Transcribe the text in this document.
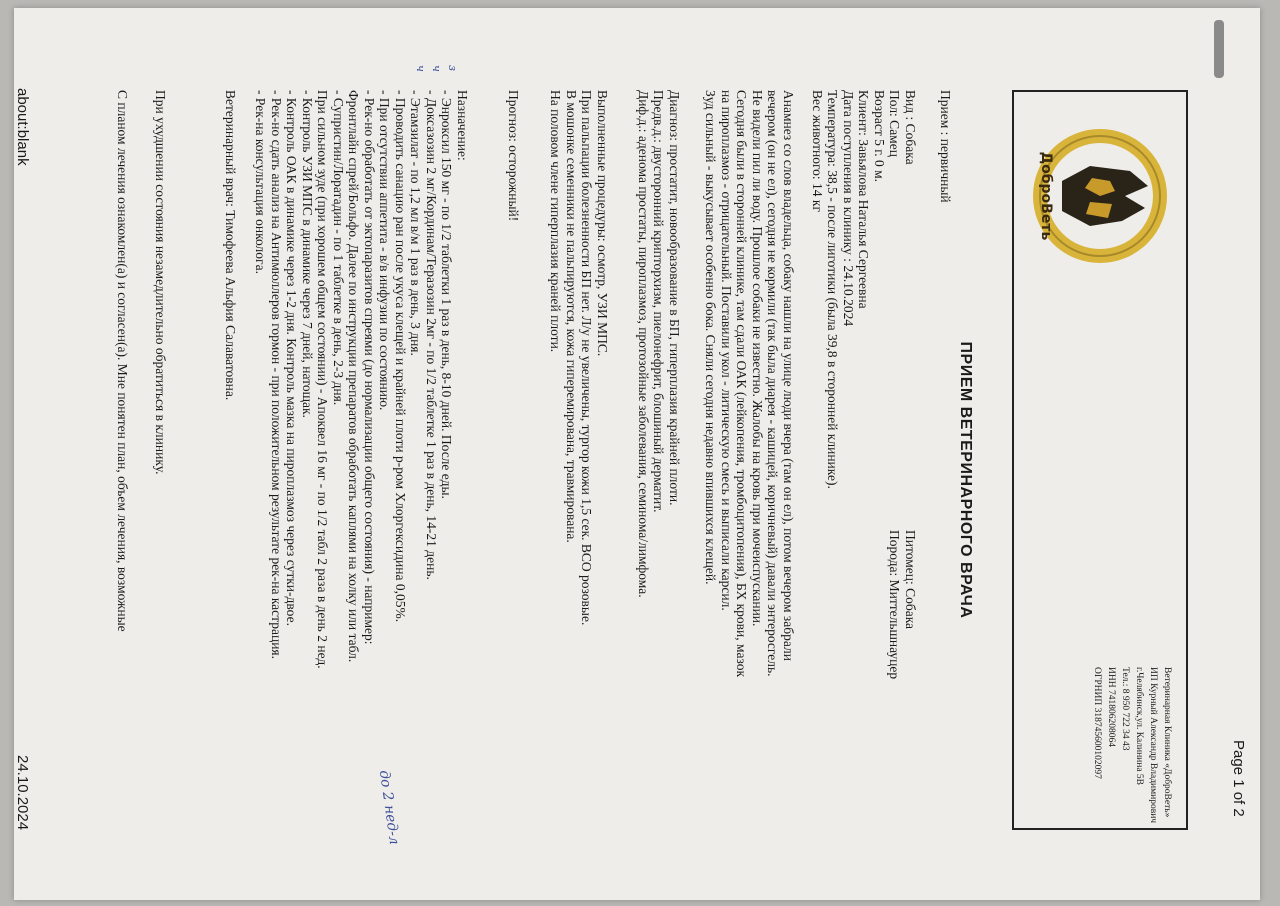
Page 1 of 2
ДоброВеть
Ветеринарная Клиника «ДоброВеть»
ИП Курный Александр Владимирович
г.Челябинск,ул. Калинина 5В
Тел.: 8 950 722 34 43
ИНН 741806208064
ОГРНИП 318745600102097
ПРИЕМ ВЕТЕРИНАРНОГО ВРАЧА
Прием : первичный
Вид : Собака
Пол: Самец
Возраст 5 г. 0 м.
Клиент: Завьялова Наталья Сергеевна
Дата поступления в клинику : 24.10.2024
Температура: 38,5 - после лиготики (была 39,8 в сторонней клинике).
Вес животного: 14 кг
Питомец: Собака
Порода: Миттельшнауцер
Анамнез со слов владельца, собаку нашли на улице люди вчера (там он ел), потом вечером забрали
вечером (он не ел), сегодня не кормили (так была диарея - кашицей, коричневый) давали энтеросгель.
Не видели пил ли воду. Прошлое собаки не известно. Жалобы на кровь при мочеиспускании.
Сегодня были в сторонней клинике, там сдали ОАК (лейкопения, тромбоцитопения), БХ крови, мазок
на пироплазмоз - отрицательный. Поставили укол - литическую смесь и выписали карсил.
Зуд сильный - выкусывает особенно бока. Сняли сегодня недавно впившихся клещей.
Диагноз: простатит, новообразование в БП, гиперплазия крайней плоти.
Предв.д.: двусторонний крипторхизм, пиелонефрит, блошиный дерматит.
Диф.д.: аденома простаты, пироплазмоз, протозойные заболевания, семинома/лимфома.
Выполненные процедуры: осмотр, УЗИ МПС.
При пальпации болезненности БП нет. Л/у не увеличены, тургор кожи 1,5 сек. ВСО розовые.
В мошонке семенники не пальпируются, кожа гиперемирована, травмирована.
На половом члене гиперплазия краней плоти.
Прогноз: осторожный!
з
ч
ч
Назначение:
- Энроксил 150 мг - по 1/2 таблетки 1 раз в день, 8-10 дней. После еды.
- Доксазозин 2 мг/Кординам/Теразозин 2мг - по 1/2 таблетке 1 раз в день, 14-21 день.
- Этамзилат - по 1,2 мл в/м 1 раз в день, 3 дня.
- Проводить санацию ран после укуса клещей и крайней плоти р-ром Хлоргексидина 0,05%.
- При отсутствии аппетита - в/в инфузии по состоянию.
- Рек-но обработать от эктопаразитов спреями (до нормализации общего состояния) - например:
Фронтлайн спрей/Больфо. Далее по инструкции препаратов обработать каплями на холку или табл.
- Супристин/Лоратадин - по 1 таблетке в день, 2-3 дня.
При сильном зуде (при хорошем общем состоянии) - Апоквел 16 мг - по 1/2 табл 2 раза в день 2 нед.
- Контроль УЗИ МПС в динамике через 7 дней, натощак.
- Контроль ОАК в динамике через 1-2 дня. Контроль мазка на пироплазмоз через сутки-двое.
- Рек-но сдать анализ на Антимюллеров гормон - при положительном результате рек-на кастрация.
- Рек-на консультация онколога.
до 2 нед-л
Ветеринарный врач: Тимофеева Альфия Салаватовна.
При ухудшении состояния незамедлительно обратиться в клинику.
С планом лечения ознакомлен(а) и согласен(а). Мне понятен план, объем лечения, возможные
about:blank
24.10.2024
